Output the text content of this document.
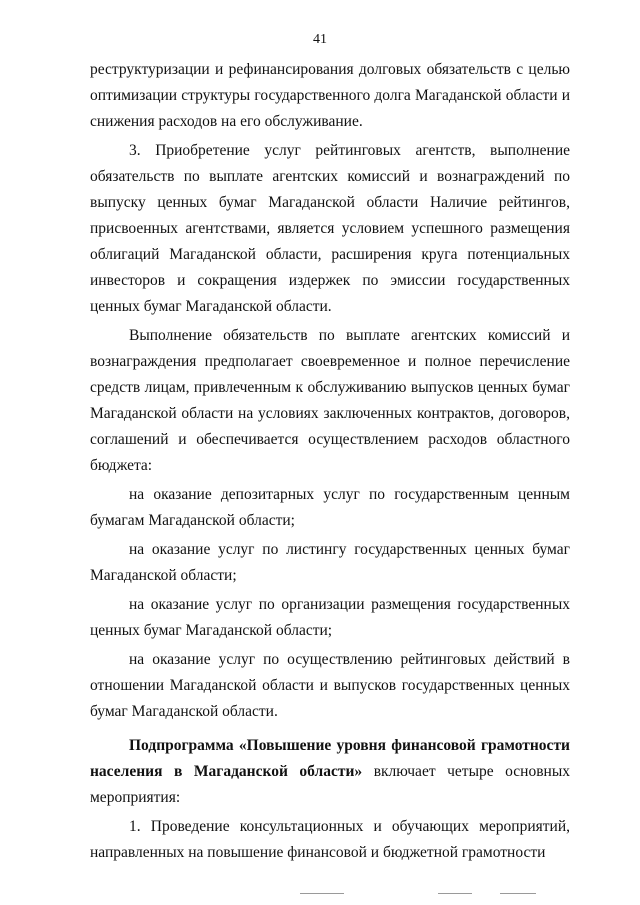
41

реструктуризации и рефинансирования долговых обязательств с целью оптимизации структуры государственного долга Магаданской области и снижения расходов на его обслуживание.

3. Приобретение услуг рейтинговых агентств, выполнение обязательств по выплате агентских комиссий и вознаграждений по выпуску ценных бумаг Магаданской области Наличие рейтингов, присвоенных агентствами, является условием успешного размещения облигаций Магаданской области, расширения круга потенциальных инвесторов и сокращения издержек по эмиссии государственных ценных бумаг Магаданской области.

Выполнение обязательств по выплате агентских комиссий и вознаграждения предполагает своевременное и полное перечисление средств лицам, привлеченным к обслуживанию выпусков ценных бумаг Магаданской области на условиях заключенных контрактов, договоров, соглашений и обеспечивается осуществлением расходов областного бюджета:

на оказание депозитарных услуг по государственным ценным бумагам Магаданской области;

на оказание услуг по листингу государственных ценных бумаг Магаданской области;

на оказание услуг по организации размещения государственных ценных бумаг Магаданской области;

на оказание услуг по осуществлению рейтинговых действий в отношении Магаданской области и выпусков государственных ценных бумаг Магаданской области.

Подпрограмма «Повышение уровня финансовой грамотности населения в Магаданской области» включает четыре основных мероприятия:

1. Проведение консультационных и обучающих мероприятий, направленных на повышение финансовой и бюджетной грамотности
